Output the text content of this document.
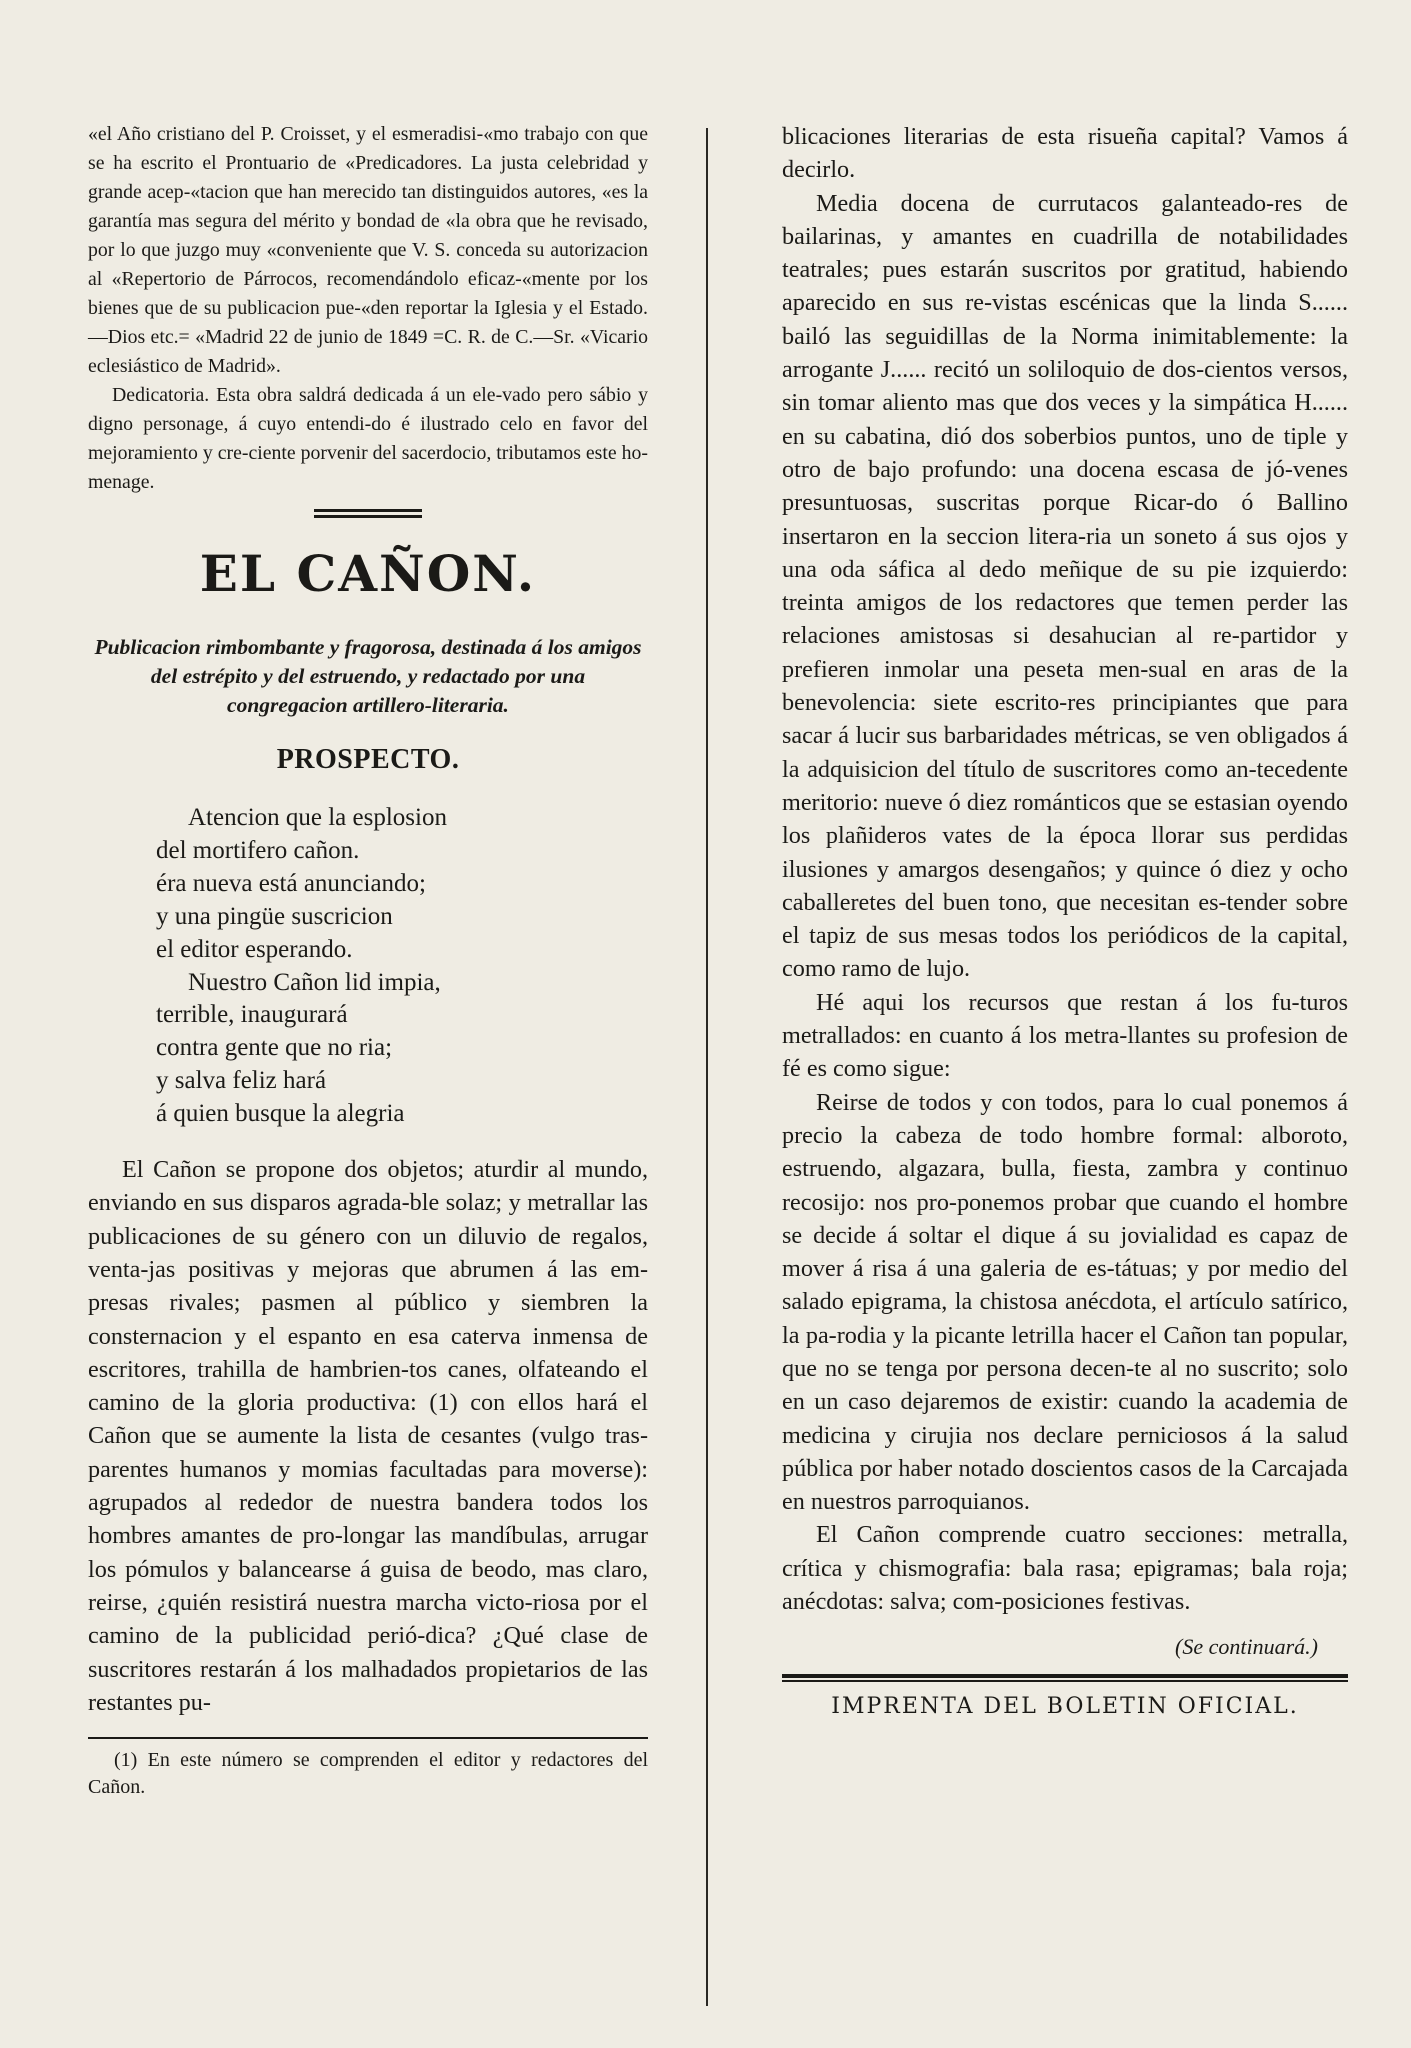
«el Año cristiano del P. Croisset, y el esmeradisi-«mo trabajo con que se ha escrito el Prontuario de «Predicadores. La justa celebridad y grande acep-«tacion que han merecido tan distinguidos autores, «es la garantía mas segura del mérito y bondad de «la obra que he revisado, por lo que juzgo muy «conveniente que V. S. conceda su autorizacion al «Repertorio de Párrocos, recomendándolo eficaz-«mente por los bienes que de su publicacion pue-«den reportar la Iglesia y el Estado.—Dios etc.= «Madrid 22 de junio de 1849 =C. R. de C.—Sr. «Vicario eclesiástico de Madrid».

Dedicatoria. Esta obra saldrá dedicada á un ele-vado pero sábio y digno personage, á cuyo entendi-do é ilustrado celo en favor del mejoramiento y cre-ciente porvenir del sacerdocio, tributamos este ho-menage.

EL CAÑON.

Publicacion rimbombante y fragorosa, destinada á los amigos del estrépito y del estruendo, y redactado por una congregacion artillero-literaria.

PROSPECTO.
Atencion que la esplosion
del mortifero cañon.
éra nueva está anunciando;
y una pingüe suscricion
el editor esperando.
Nuestro Cañon lid impia,
terrible, inaugurará
contra gente que no ria;
y salva feliz hará
á quien busque la alegria

El Cañon se propone dos objetos; aturdir al mundo, enviando en sus disparos agrada-ble solaz; y metrallar las publicaciones de su género con un diluvio de regalos, venta-jas positivas y mejoras que abrumen á las em-presas rivales; pasmen al público y siembren la consternacion y el espanto en esa caterva inmensa de escritores, trahilla de hambrien-tos canes, olfateando el camino de la gloria productiva: (1) con ellos hará el Cañon que se aumente la lista de cesantes (vulgo tras-parentes humanos y momias facultadas para moverse): agrupados al rededor de nuestra bandera todos los hombres amantes de pro-longar las mandíbulas, arrugar los pómulos y balancearse á guisa de beodo, mas claro, reirse, ¿quién resistirá nuestra marcha victo-riosa por el camino de la publicidad perió-dica? ¿Qué clase de suscritores restarán á los malhadados propietarios de las restantes pu-

(1) En este número se comprenden el editor y redactores del Cañon.

blicaciones literarias de esta risueña capital? Vamos á decirlo.

Media docena de currutacos galanteado-res de bailarinas, y amantes en cuadrilla de notabilidades teatrales; pues estarán suscritos por gratitud, habiendo aparecido en sus re-vistas escénicas que la linda S...... bailó las seguidillas de la Norma inimitablemente: la arrogante J...... recitó un soliloquio de dos-cientos versos, sin tomar aliento mas que dos veces y la simpática H...... en su cabatina, dió dos soberbios puntos, uno de tiple y otro de bajo profundo: una docena escasa de jó-venes presuntuosas, suscritas porque Ricar-do ó Ballino insertaron en la seccion litera-ria un soneto á sus ojos y una oda sáfica al dedo meñique de su pie izquierdo: treinta amigos de los redactores que temen perder las relaciones amistosas si desahucian al re-partidor y prefieren inmolar una peseta men-sual en aras de la benevolencia: siete escrito-res principiantes que para sacar á lucir sus barbaridades métricas, se ven obligados á la adquisicion del título de suscritores como an-tecedente meritorio: nueve ó diez románticos que se estasian oyendo los plañideros vates de la época llorar sus perdidas ilusiones y amargos desengaños; y quince ó diez y ocho caballeretes del buen tono, que necesitan es-tender sobre el tapiz de sus mesas todos los periódicos de la capital, como ramo de lujo.

Hé aqui los recursos que restan á los fu-turos metrallados: en cuanto á los metra-llantes su profesion de fé es como sigue:

Reirse de todos y con todos, para lo cual ponemos á precio la cabeza de todo hombre formal: alboroto, estruendo, algazara, bulla, fiesta, zambra y continuo recosijo: nos pro-ponemos probar que cuando el hombre se decide á soltar el dique á su jovialidad es capaz de mover á risa á una galeria de es-tátuas; y por medio del salado epigrama, la chistosa anécdota, el artículo satírico, la pa-rodia y la picante letrilla hacer el Cañon tan popular, que no se tenga por persona decen-te al no suscrito; solo en un caso dejaremos de existir: cuando la academia de medicina y cirujia nos declare perniciosos á la salud pública por haber notado doscientos casos de la Carcajada en nuestros parroquianos.

El Cañon comprende cuatro secciones: metralla, crítica y chismografia: bala rasa; epigramas; bala roja; anécdotas: salva; com-posiciones festivas.

(Se continuará.)

IMPRENTA DEL BOLETIN OFICIAL.
